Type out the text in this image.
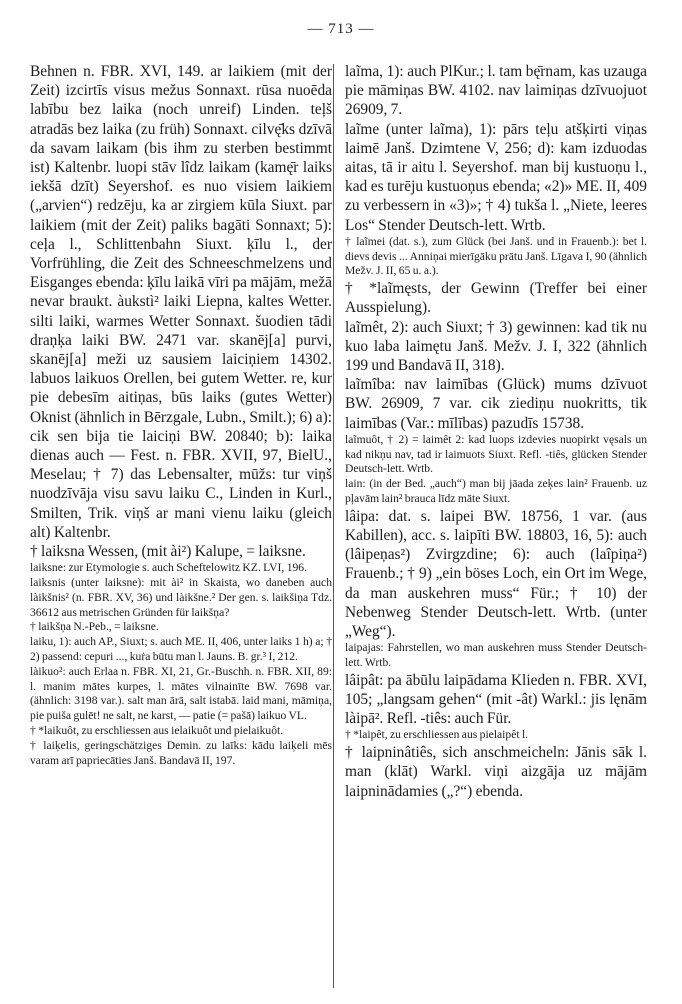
— 713 —

Behnen n. FBR. XVI, 149. ar laikiem (mit der Zeit) izcirtīs visus mežus Sonnaxt. rūsa nuoēda labību bez laika (noch unreif) Linden. teļš atradās bez laika (zu früh) Sonnaxt. cilvę̄ks dzīvā da savam laikam (bis ihm zu sterben bestimmt ist) Kaltenbr. luopi stāv lîdz laikam (kamę̄r laiks iekšā dzīt) Seyershof. es nuo visiem laikiem („arvien“) redzēju, ka ar zirgiem kūla Siuxt. par laikiem (mit der Zeit) paliks bagāti Sonnaxt; 5): ceļa l., Schlittenbahn Siuxt. ķīlu l., der Vorfrühling, die Zeit des Schneeschmelzens und Eisganges ebenda: ķīlu laikā vīri pa mājām, mežā nevar braukt. àukstì² laiki Liepna, kaltes Wetter. silti laiki, warmes Wetter Sonnaxt. šuodien tādi draņķa laiki BW. 2471 var. skanēj[a] purvi, skanēj[a] meži uz sausiem laiciņiem 14302. labuos laikuos Orellen, bei gutem Wetter. re, kur pie debesīm aitiņas, būs laiks (gutes Wetter) Oknist (ähnlich in Bērzgale, Lubn., Smilt.); 6) a): cik sen bija tie laiciņi BW. 20840; b): laika dienas auch — Fest. n. FBR. XVII, 97, BielU., Meselau; † 7) das Lebensalter, mūžs: tur viņš nuodzīvāja visu savu laiku C., Linden in Kurl., Smilten, Trik. viņš ar mani vienu laiku (gleich alt) Kaltenbr.

† laiksna Wessen, (mit ài²) Kalupe, = laiksne.

laiksne: zur Etymologie s. auch Scheftelowitz KZ. LVI, 196.

laiksnis (unter laiksne): mit ài² in Skaista, wo daneben auch làikšnis² (n. FBR. XV, 36) und làikšne.² Der gen. s. laikšiņa Tdz. 36612 aus metrischen Gründen für laikšņa?

† laikšņa N.-Peb., = laiksne.

laiku, 1): auch AP., Siuxt; s. auch ME. II, 406, unter laiks 1 h) a; † 2) passend: cepuri ..., kuṙa būtu man l. Jauns. B. gr.³ I, 212.

làikuo²: auch Erlaa n. FBR. XI, 21, Gr.-Buschh. n. FBR. XII, 89: l. manim mātes kurpes, l. mātes vilnainīte BW. 7698 var. (ähnlich: 3198 var.). salt man ārā, salt istabā. laid mani, māmiņa, pie puiša gulēt! ne salt, ne karst, — patie (= pašā) laikuo VL.

† *laikuôt, zu erschliessen aus ielaikuôt und pielaikuôt.

† laiķelis, geringschätziges Demin. zu laīks: kādu laiķeli mēs varam arī papriecāties Janš. Bandavā II, 197.

laĩma, 1): auch PlKur.; l. tam bę̄rnam, kas uzauga pie māmiņas BW. 4102. nav laimiņas dzīvuojuot 26909, 7.

laĩme (unter laĩma), 1): pārs teļu atšķirti viņas laimē Janš. Dzimtene V, 256; d): kam izduodas aitas, tā ir aitu l. Seyershof. man bij kustuoņu l., kad es turēju kustuoņus ebenda; «2)» ME. II, 409 zu verbessern in «3)»; † 4) tukša l. „Niete, leeres Los“ Stender Deutsch-lett. Wrtb.

† laĩmei (dat. s.), zum Glück (bei Janš. und in Frauenb.): bet l. dievs devis ... Anniņai mierīgāku prātu Janš. Līgava I, 90 (ähnlich Mežv. J. II, 65 u. a.).

† *laĩmęsts, der Gewinn (Treffer bei einer Ausspielung).

laĩmêt, 2): auch Siuxt; † 3) gewinnen: kad tik nu kuo laba laimętu Janš. Mežv. J. I, 322 (ähnlich 199 und Bandavā II, 318).

laĩmîba: nav laimības (Glück) mums dzīvuot BW. 26909, 7 var. cik ziediņu nuokritts, tik laimības (Var.: mīlības) pazudīs 15738.

laĩmuôt, † 2) = laimêt 2: kad luops izdevies nuopirkt vęsals un kad nikņu nav, tad ir laimuots Siuxt. Refl. -tiês, glücken Stender Deutsch-lett. Wrtb.

lain: (in der Bed. „auch“) man bij jāada zeķes lain² Frauenb. uz pļavām lain² brauca līdz māte Siuxt.

lâipa: dat. s. laipei BW. 18756, 1 var. (aus Kabillen), acc. s. laipīti BW. 18803, 16, 5): auch (lâipeņas²) Zvirgzdine; 6): auch (laîpiņa²) Frauenb.; † 9) „ein böses Loch, ein Ort im Wege, da man auskehren muss“ Für.; † 10) der Nebenweg Stender Deutsch-lett. Wrtb. (unter „Weg“).

laipajas: Fahrstellen, wo man auskehren muss Stender Deutsch-lett. Wrtb.

lâipât: pa ābūlu laipādama Klieden n. FBR. XVI, 105; „langsam gehen“ (mit -ât) Warkl.: jis lęnām làipā². Refl. -tiês: auch Für.

† *laipêt, zu erschliessen aus pielaipêt l.

† laipninâtiês, sich anschmeicheln: Jānis sāk l. man (klāt) Warkl. viņi aizgāja uz mājām laipninādamies („?“) ebenda.
